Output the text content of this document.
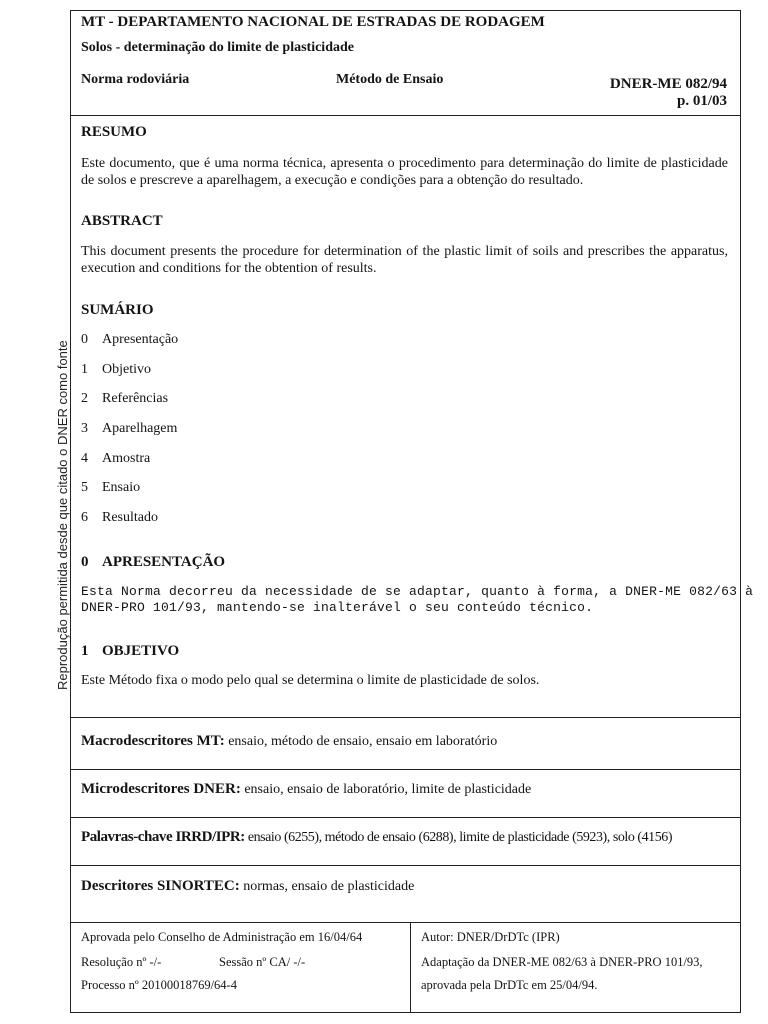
Reprodução permitida desde que citado o DNER como fonte
MT - DEPARTAMENTO NACIONAL DE ESTRADAS DE RODAGEM
Solos - determinação do limite de plasticidade
Norma rodoviária	Método de Ensaio	DNER-ME 082/94
p. 01/03
RESUMO
Este documento, que é uma norma técnica, apresenta o procedimento para determinação do limite de plasticidade de solos e prescreve a aparelhagem, a execução e condições para a obtenção do resultado.
ABSTRACT
This document presents the procedure for determination of the plastic limit of soils and prescribes the apparatus, execution and conditions for the obtention of results.
SUMÁRIO
0 Apresentação
1 Objetivo
2 Referências
3 Aparelhagem
4 Amostra
5 Ensaio
6 Resultado
0 APRESENTAÇÃO
Esta Norma decorreu da necessidade de se adaptar, quanto à forma, a DNER-ME 082/63 à
DNER-PRO 101/93, mantendo-se inalterável o seu conteúdo técnico.
1 OBJETIVO
Este Método fixa o modo pelo qual se determina o limite de plasticidade de solos.
Macrodescritores MT: ensaio, método de ensaio, ensaio em laboratório
Microdescritores DNER: ensaio, ensaio de laboratório, limite de plasticidade
Palavras-chave IRRD/IPR: ensaio (6255), método de ensaio (6288), limite de plasticidade (5923), solo (4156)
Descritores SINORTEC: normas, ensaio de plasticidade
Aprovada pelo Conselho de Administração em 16/04/64
Resolução nº -/-	Sessão nº CA/ -/-
Processo nº 20100018769/64-4
Autor: DNER/DrDTc (IPR)
Adaptação da DNER-ME 082/63 à DNER-PRO 101/93,
aprovada pela DrDTc em 25/04/94.
